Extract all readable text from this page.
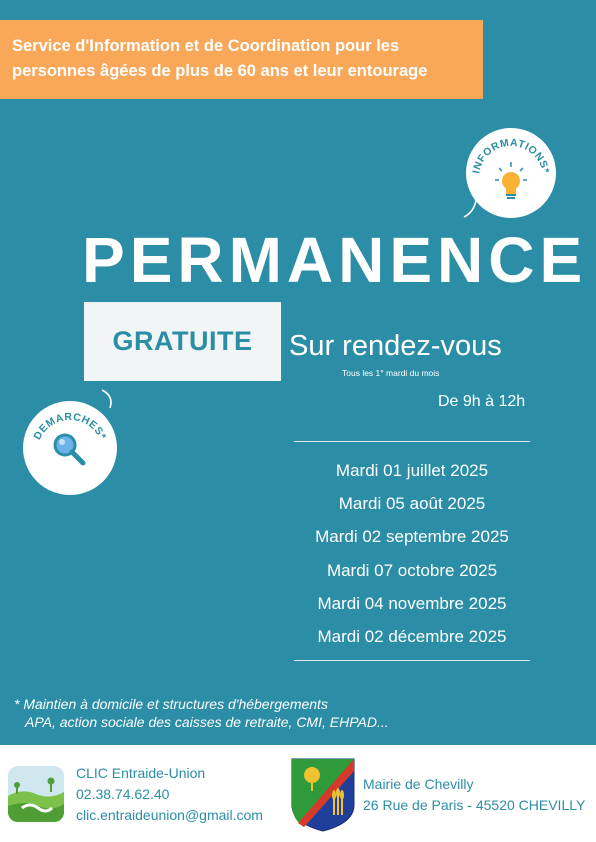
Service d'Information et de Coordination pour les
personnes âgées de plus de 60 ans et leur entourage
INFORMATIONS*
PERMANENCE
GRATUITE Sur rendez-vous
Tous les 1° mardi du mois
De 9h à 12h
DEMARCHES*
Mardi 01 juillet 2025
Mardi 05 août 2025
Mardi 02 septembre 2025
Mardi 07 octobre 2025
Mardi 04 novembre 2025
Mardi 02 décembre 2025
* Maintien à domicile et structures d'hébergements
APA, action sociale des caisses de retraite, CMI, EHPAD...
CLIC Entraide-Union
02.38.74.62.40
clic.entraideunion@gmail.com
Mairie de Chevilly
26 Rue de Paris - 45520 CHEVILLY
